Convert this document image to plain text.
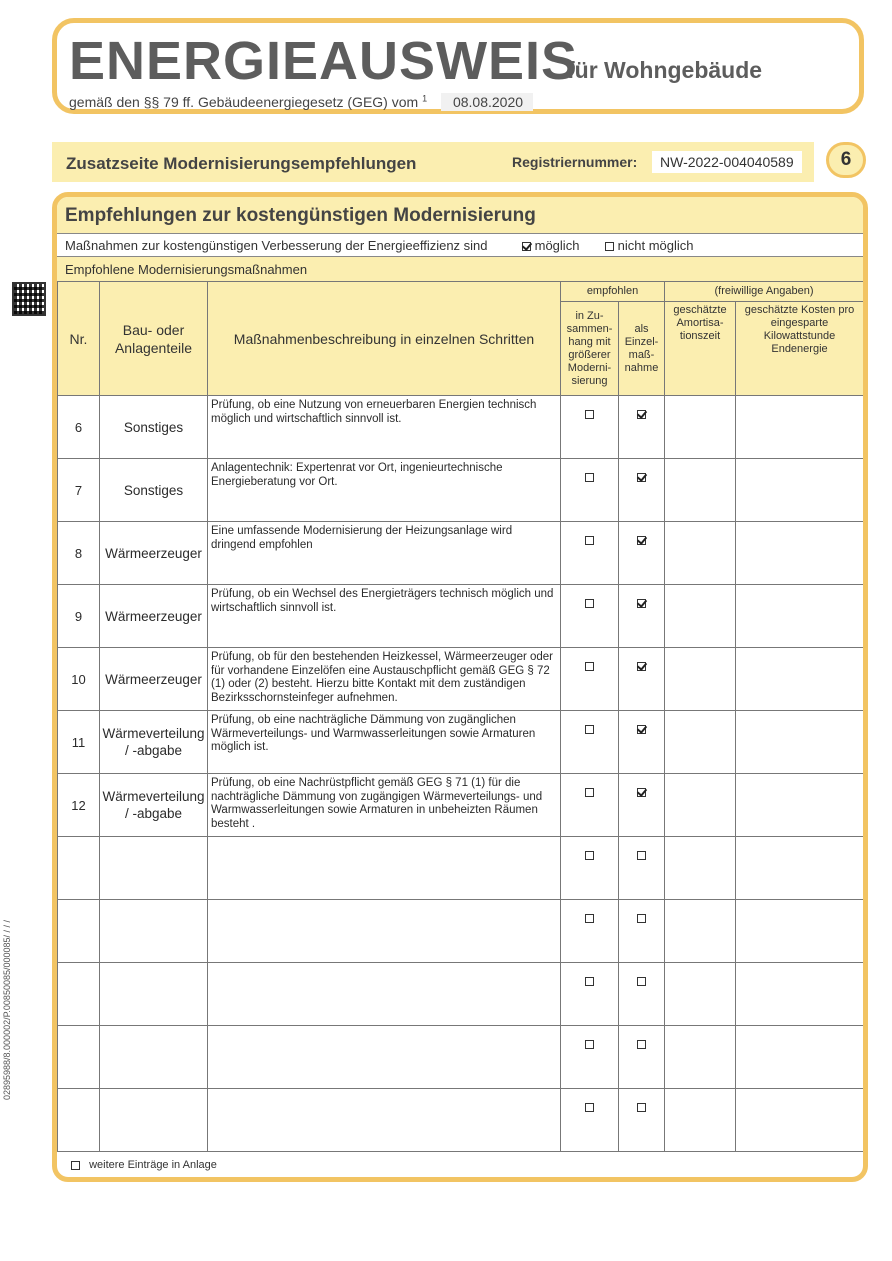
ENERGIEAUSWEIS
für Wohngebäude
gemäß den §§ 79 ff. Gebäudeenergiegesetz (GEG) vom $^1$ 08.08.2020
Zusatzseite Modernisierungsempfehlungen	Registriernummer:	NW-2022-004040589	6
02895988/8.000002/P.00850085/000085/ / / /
Empfehlungen zur kostengünstigen Modernisierung
Maßnahmen zur kostengünstigen Verbesserung der Energieeffizienz sind	möglich	nicht möglich
Empfohlene Modernisierungsmaßnahmen
Nr.	Bau- oder Anlagenteile	Maßnahmenbeschreibung in einzelnen Schritten	empfohlen		(freiwillige Angaben)	
			in Zu-sammen-hang mit größerer Moderni-sierung	als Einzel-maß-nahme	geschätzte Amortisa-tionszeit	geschätzte Kosten pro eingesparte Kilowattstunde Endenergie
6	Sonstiges	Prüfung, ob eine Nutzung von erneuerbaren Energien technisch möglich und wirtschaftlich sinnvoll ist.				
7	Sonstiges	Anlagentechnik: Expertenrat vor Ort, ingenieurtechnische Energieberatung vor Ort.				
8	Wärmeerzeuger	Eine umfassende Modernisierung der Heizungsanlage wird dringend empfohlen				
9	Wärmeerzeuger	Prüfung, ob ein Wechsel des Energieträgers technisch möglich und wirtschaftlich sinnvoll ist.				
10	Wärmeerzeuger	Prüfung, ob für den bestehenden Heizkessel, Wärmeerzeuger oder für vorhandene Einzelöfen eine Austauschpflicht gemäß GEG § 72 (1) oder (2) besteht. Hierzu bitte Kontakt mit dem zuständigen Bezirksschornsteinfeger aufnehmen.				
11	Wärmeverteilung / -abgabe	Prüfung, ob eine nachträgliche Dämmung von zugänglichen Wärmeverteilungs- und Warmwasserleitungen sowie Armaturen möglich ist.				
12	Wärmeverteilung / -abgabe	Prüfung, ob eine Nachrüstpflicht gemäß GEG § 71 (1) für die nachträgliche Dämmung von zugängigen Wärmeverteilungs- und Warmwasserleitungen sowie Armaturen in unbeheizten Räumen besteht .				

weitere Einträge in Anlage
